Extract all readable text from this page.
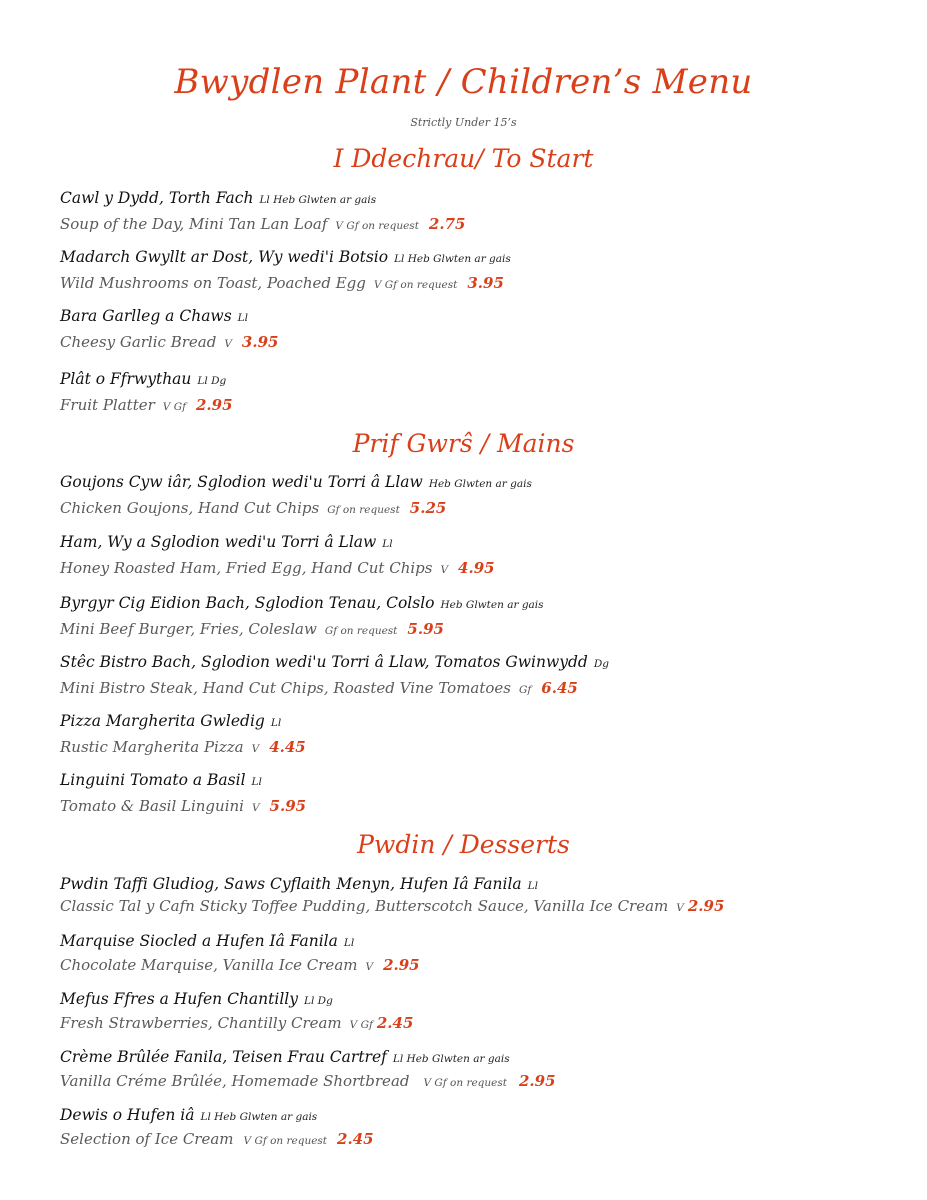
Bwydlen Plant / Children’s Menu
Strictly Under 15’s
I Ddechrau/ To Start
Cawl y Dydd, Torth Fach Ll Heb Glwten ar gais
Soup of the Day, Mini Tan Lan Loaf V Gf on request 2.75
Madarch Gwyllt ar Dost, Wy wedi'i Botsio Ll Heb Glwten ar gais
Wild Mushrooms on Toast, Poached Egg V Gf on request 3.95
Bara Garlleg a Chaws Ll
Cheesy Garlic Bread V 3.95
Plât o Ffrwythau Ll Dg
Fruit Platter V Gf 2.95
Prif Gwrŝ / Mains
Goujons Cyw iâr, Sglodion wedi'u Torri â Llaw Heb Glwten ar gais
Chicken Goujons, Hand Cut Chips Gf on request 5.25
Ham, Wy a Sglodion wedi'u Torri â Llaw Ll
Honey Roasted Ham, Fried Egg, Hand Cut Chips V 4.95
Byrgyr Cig Eidion Bach, Sglodion Tenau, Colslo Heb Glwten ar gais
Mini Beef Burger, Fries, Coleslaw Gf on request 5.95
Stêc Bistro Bach, Sglodion wedi'u Torri â Llaw, Tomatos Gwinwydd Dg
Mini Bistro Steak, Hand Cut Chips, Roasted Vine Tomatoes Gf 6.45
Pizza Margherita Gwledig Ll
Rustic Margherita Pizza V 4.45
Linguini Tomato a Basil Ll
Tomato & Basil Linguini V 5.95
Pwdin / Desserts
Pwdin Taffi Gludiog, Saws Cyflaith Menyn, Hufen Iâ Fanila Ll
Classic Tal y Cafn Sticky Toffee Pudding, Butterscotch Sauce, Vanilla Ice Cream V 2.95
Marquise Siocled a Hufen Iâ Fanila Ll
Chocolate Marquise, Vanilla Ice Cream V 2.95
Mefus Ffres a Hufen Chantilly Ll Dg
Fresh Strawberries, Chantilly Cream V Gf 2.45
Crème Brûlée Fanila, Teisen Frau Cartref Ll Heb Glwten ar gais
Vanilla Créme Brûlée, Homemade Shortbread V Gf on request 2.95
Dewis o Hufen iâ Ll Heb Glwten ar gais
Selection of Ice Cream V Gf on request 2.45
